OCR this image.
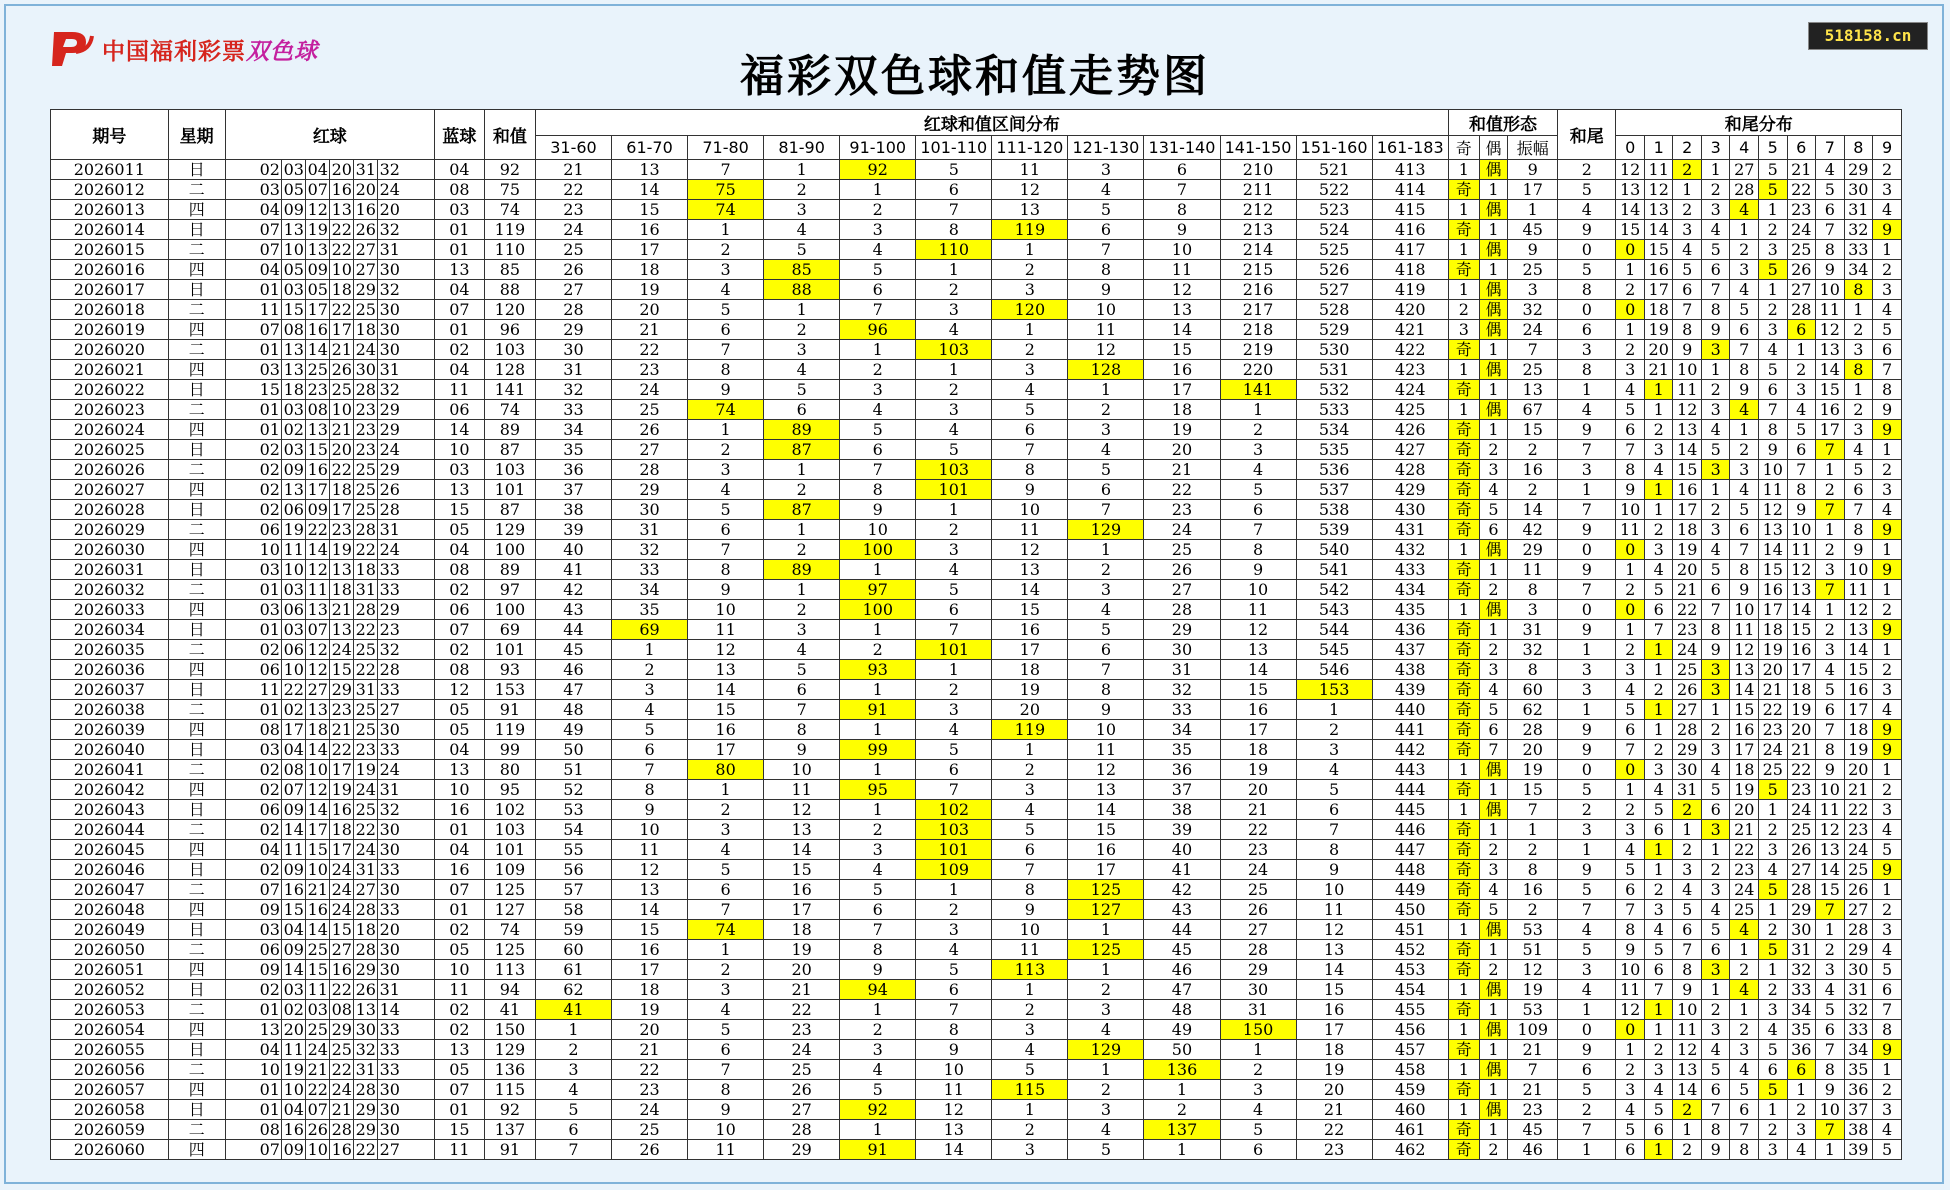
中国福利彩票双色球	福彩双色球和值走势图
518158.cn
期号	星期	红球	蓝球	和值	红球和值区间分布												和值形态			和尾	和尾分布									
					31-60	61-70	71-80	81-90	91-100	101-110	111-120	121-130	131-140	141-150	151-160	161-183	奇	偶	振幅		0	1	2	3	4	5	6	7	8	9
2026011	日	02 03 04 20 31 32	04	92	21	13	7	1	92	5	11	3	6	210	521	413	1	偶	9	2	12	11	2	1	27	5	21	4	29	2
2026012	二	03 05 07 16 20 24	08	75	22	14	75	2	1	6	12	4	7	211	522	414	奇	1	17	5	13	12	1	2	28	5	22	5	30	3
2026013	四	04 09 12 13 16 20	03	74	23	15	74	3	2	7	13	5	8	212	523	415	1	偶	1	4	14	13	2	3	4	1	23	6	31	4
2026014	日	07 13 19 22 26 32	01	119	24	16	1	4	3	8	119	6	9	213	524	416	奇	1	45	9	15	14	3	4	1	2	24	7	32	9
2026015	二	07 10 13 22 27 31	01	110	25	17	2	5	4	110	1	7	10	214	525	417	1	偶	9	0	0	15	4	5	2	3	25	8	33	1
2026016	四	04 05 09 10 27 30	13	85	26	18	3	85	5	1	2	8	11	215	526	418	奇	1	25	5	1	16	5	6	3	5	26	9	34	2
2026017	日	01 03 05 18 29 32	04	88	27	19	4	88	6	2	3	9	12	216	527	419	1	偶	3	8	2	17	6	7	4	1	27	10	8	3
2026018	二	11 15 17 22 25 30	07	120	28	20	5	1	7	3	120	10	13	217	528	420	2	偶	32	0	0	18	7	8	5	2	28	11	1	4
2026019	四	07 08 16 17 18 30	01	96	29	21	6	2	96	4	1	11	14	218	529	421	3	偶	24	6	1	19	8	9	6	3	6	12	2	5
2026020	二	01 13 14 21 24 30	02	103	30	22	7	3	1	103	2	12	15	219	530	422	奇	1	7	3	2	20	9	3	7	4	1	13	3	6
2026021	四	03 13 25 26 30 31	04	128	31	23	8	4	2	1	3	128	16	220	531	423	1	偶	25	8	3	21	10	1	8	5	2	14	8	7
2026022	日	15 18 23 25 28 32	11	141	32	24	9	5	3	2	4	1	17	141	532	424	奇	1	13	1	4	1	11	2	9	6	3	15	1	8
2026023	二	01 03 08 10 23 29	06	74	33	25	74	6	4	3	5	2	18	1	533	425	1	偶	67	4	5	1	12	3	4	7	4	16	2	9
2026024	四	01 02 13 21 23 29	14	89	34	26	1	89	5	4	6	3	19	2	534	426	奇	1	15	9	6	2	13	4	1	8	5	17	3	9
2026025	日	02 03 15 20 23 24	10	87	35	27	2	87	6	5	7	4	20	3	535	427	奇	2	2	7	7	3	14	5	2	9	6	7	4	1
2026026	二	02 09 16 22 25 29	03	103	36	28	3	1	7	103	8	5	21	4	536	428	奇	3	16	3	8	4	15	3	3	10	7	1	5	2
2026027	四	02 13 17 18 25 26	13	101	37	29	4	2	8	101	9	6	22	5	537	429	奇	4	2	1	9	1	16	1	4	11	8	2	6	3
2026028	日	02 06 09 17 25 28	15	87	38	30	5	87	9	1	10	7	23	6	538	430	奇	5	14	7	10	1	17	2	5	12	9	7	7	4
2026029	二	06 19 22 23 28 31	05	129	39	31	6	1	10	2	11	129	24	7	539	431	奇	6	42	9	11	2	18	3	6	13	10	1	8	9
2026030	四	10 11 14 19 22 24	04	100	40	32	7	2	100	3	12	1	25	8	540	432	1	偶	29	0	0	3	19	4	7	14	11	2	9	1
2026031	日	03 10 12 13 18 33	08	89	41	33	8	89	1	4	13	2	26	9	541	433	奇	1	11	9	1	4	20	5	8	15	12	3	10	9
2026032	二	01 03 11 18 31 33	02	97	42	34	9	1	97	5	14	3	27	10	542	434	奇	2	8	7	2	5	21	6	9	16	13	7	11	1
2026033	四	03 06 13 21 28 29	06	100	43	35	10	2	100	6	15	4	28	11	543	435	1	偶	3	0	0	6	22	7	10	17	14	1	12	2
2026034	日	01 03 07 13 22 23	07	69	44	69	11	3	1	7	16	5	29	12	544	436	奇	1	31	9	1	7	23	8	11	18	15	2	13	9
2026035	二	02 06 12 24 25 32	02	101	45	1	12	4	2	101	17	6	30	13	545	437	奇	2	32	1	2	1	24	9	12	19	16	3	14	1
2026036	四	06 10 12 15 22 28	08	93	46	2	13	5	93	1	18	7	31	14	546	438	奇	3	8	3	3	1	25	3	13	20	17	4	15	2
2026037	日	11 22 27 29 31 33	12	153	47	3	14	6	1	2	19	8	32	15	153	439	奇	4	60	3	4	2	26	3	14	21	18	5	16	3
2026038	二	01 02 13 23 25 27	05	91	48	4	15	7	91	3	20	9	33	16	1	440	奇	5	62	1	5	1	27	1	15	22	19	6	17	4
2026039	四	08 17 18 21 25 30	05	119	49	5	16	8	1	4	119	10	34	17	2	441	奇	6	28	9	6	1	28	2	16	23	20	7	18	9
2026040	日	03 04 14 22 23 33	04	99	50	6	17	9	99	5	1	11	35	18	3	442	奇	7	20	9	7	2	29	3	17	24	21	8	19	9
2026041	二	02 08 10 17 19 24	13	80	51	7	80	10	1	6	2	12	36	19	4	443	1	偶	19	0	0	3	30	4	18	25	22	9	20	1
2026042	四	02 07 12 19 24 31	10	95	52	8	1	11	95	7	3	13	37	20	5	444	奇	1	15	5	1	4	31	5	19	5	23	10	21	2
2026043	日	06 09 14 16 25 32	16	102	53	9	2	12	1	102	4	14	38	21	6	445	1	偶	7	2	2	5	2	6	20	1	24	11	22	3
2026044	二	02 14 17 18 22 30	01	103	54	10	3	13	2	103	5	15	39	22	7	446	奇	1	1	3	3	6	1	3	21	2	25	12	23	4
2026045	四	04 11 15 17 24 30	04	101	55	11	4	14	3	101	6	16	40	23	8	447	奇	2	2	1	4	1	2	1	22	3	26	13	24	5
2026046	日	02 09 10 24 31 33	16	109	56	12	5	15	4	109	7	17	41	24	9	448	奇	3	8	9	5	1	3	2	23	4	27	14	25	9
2026047	二	07 16 21 24 27 30	07	125	57	13	6	16	5	1	8	125	42	25	10	449	奇	4	16	5	6	2	4	3	24	5	28	15	26	1
2026048	四	09 15 16 24 28 33	01	127	58	14	7	17	6	2	9	127	43	26	11	450	奇	5	2	7	7	3	5	4	25	1	29	7	27	2
2026049	日	03 04 14 15 18 20	02	74	59	15	74	18	7	3	10	1	44	27	12	451	1	偶	53	4	8	4	6	5	4	2	30	1	28	3
2026050	二	06 09 25 27 28 30	05	125	60	16	1	19	8	4	11	125	45	28	13	452	奇	1	51	5	9	5	7	6	1	5	31	2	29	4
2026051	四	09 14 15 16 29 30	10	113	61	17	2	20	9	5	113	1	46	29	14	453	奇	2	12	3	10	6	8	3	2	1	32	3	30	5
2026052	日	02 03 11 22 26 31	11	94	62	18	3	21	94	6	1	2	47	30	15	454	1	偶	19	4	11	7	9	1	4	2	33	4	31	6
2026053	二	01 02 03 08 13 14	02	41	41	19	4	22	1	7	2	3	48	31	16	455	奇	1	53	1	12	1	10	2	1	3	34	5	32	7
2026054	四	13 20 25 29 30 33	02	150	1	20	5	23	2	8	3	4	49	150	17	456	1	偶	109	0	0	1	11	3	2	4	35	6	33	8
2026055	日	04 11 24 25 32 33	13	129	2	21	6	24	3	9	4	129	50	1	18	457	奇	1	21	9	1	2	12	4	3	5	36	7	34	9
2026056	二	10 19 21 22 31 33	05	136	3	22	7	25	4	10	5	1	136	2	19	458	1	偶	7	6	2	3	13	5	4	6	6	8	35	1
2026057	四	01 10 22 24 28 30	07	115	4	23	8	26	5	11	115	2	1	3	20	459	奇	1	21	5	3	4	14	6	5	5	1	9	36	2
2026058	日	01 04 07 21 29 30	01	92	5	24	9	27	92	12	1	3	2	4	21	460	1	偶	23	2	4	5	2	7	6	1	2	10	37	3
2026059	二	08 16 26 28 29 30	15	137	6	25	10	28	1	13	2	4	137	5	22	461	奇	1	45	7	5	6	1	8	7	2	3	7	38	4
2026060	四	07 09 10 16 22 27	11	91	7	26	11	29	91	14	3	5	1	6	23	462	奇	2	46	1	6	1	2	9	8	3	4	1	39	5
